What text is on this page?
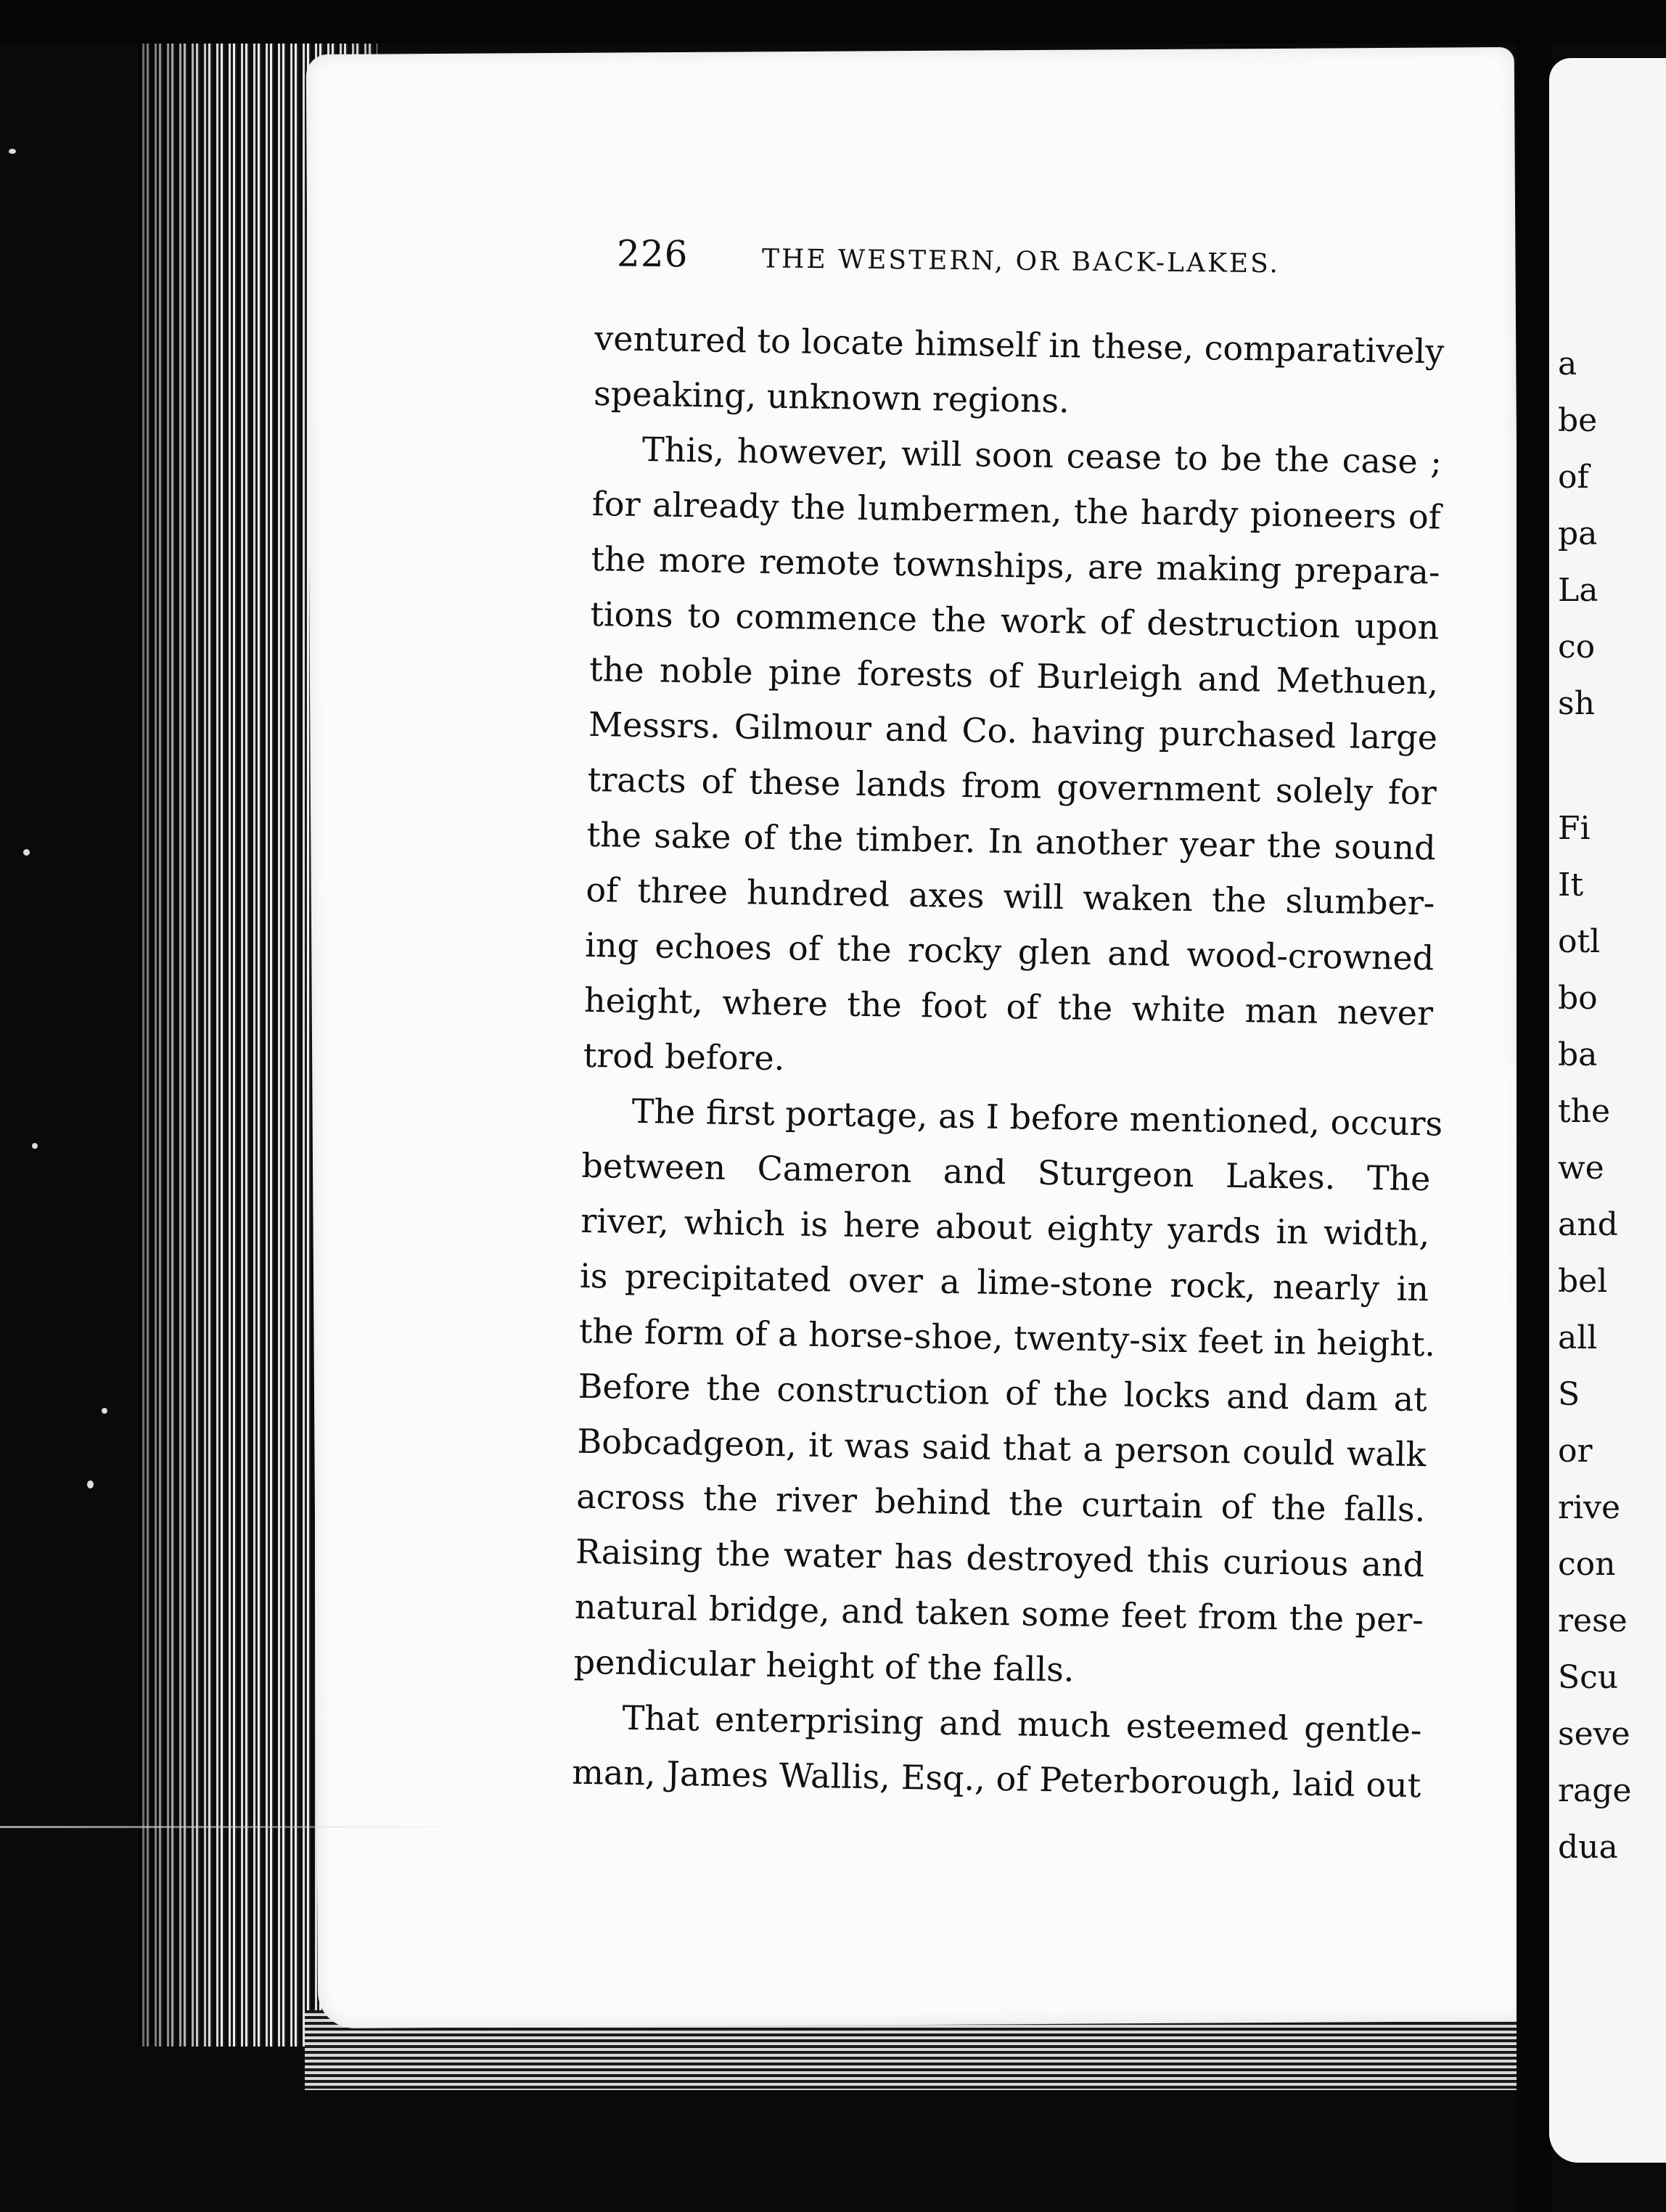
226	THE WESTERN, OR BACK-LAKES.
ventured to locate himself in these, comparatively
speaking, unknown regions.
This, however, will soon cease to be the case ;
for already the lumbermen, the hardy pioneers of
the more remote townships, are making prepara-
tions to commence the work of destruction upon
the noble pine forests of Burleigh and Methuen,
Messrs. Gilmour and Co. having purchased large
tracts of these lands from government solely for
the sake of the timber. In another year the sound
of three hundred axes will waken the slumber-
ing echoes of the rocky glen and wood-crowned
height, where the foot of the white man never
trod before.
The first portage, as I before mentioned, occurs
between Cameron and Sturgeon Lakes. The
river, which is here about eighty yards in width,
is precipitated over a lime-stone rock, nearly in
the form of a horse-shoe, twenty-six feet in height.
Before the construction of the locks and dam at
Bobcadgeon, it was said that a person could walk
across the river behind the curtain of the falls.
Raising the water has destroyed this curious and
natural bridge, and taken some feet from the per-
pendicular height of the falls.
That enterprising and much esteemed gentle-
man, James Wallis, Esq., of Peterborough, laid out
a
be
of
pa
La
co
sh
Fi
It
otl
bo
ba
the
we
and
bel
all
S
or
rive
con
rese
Scu
seve
rage
dua
